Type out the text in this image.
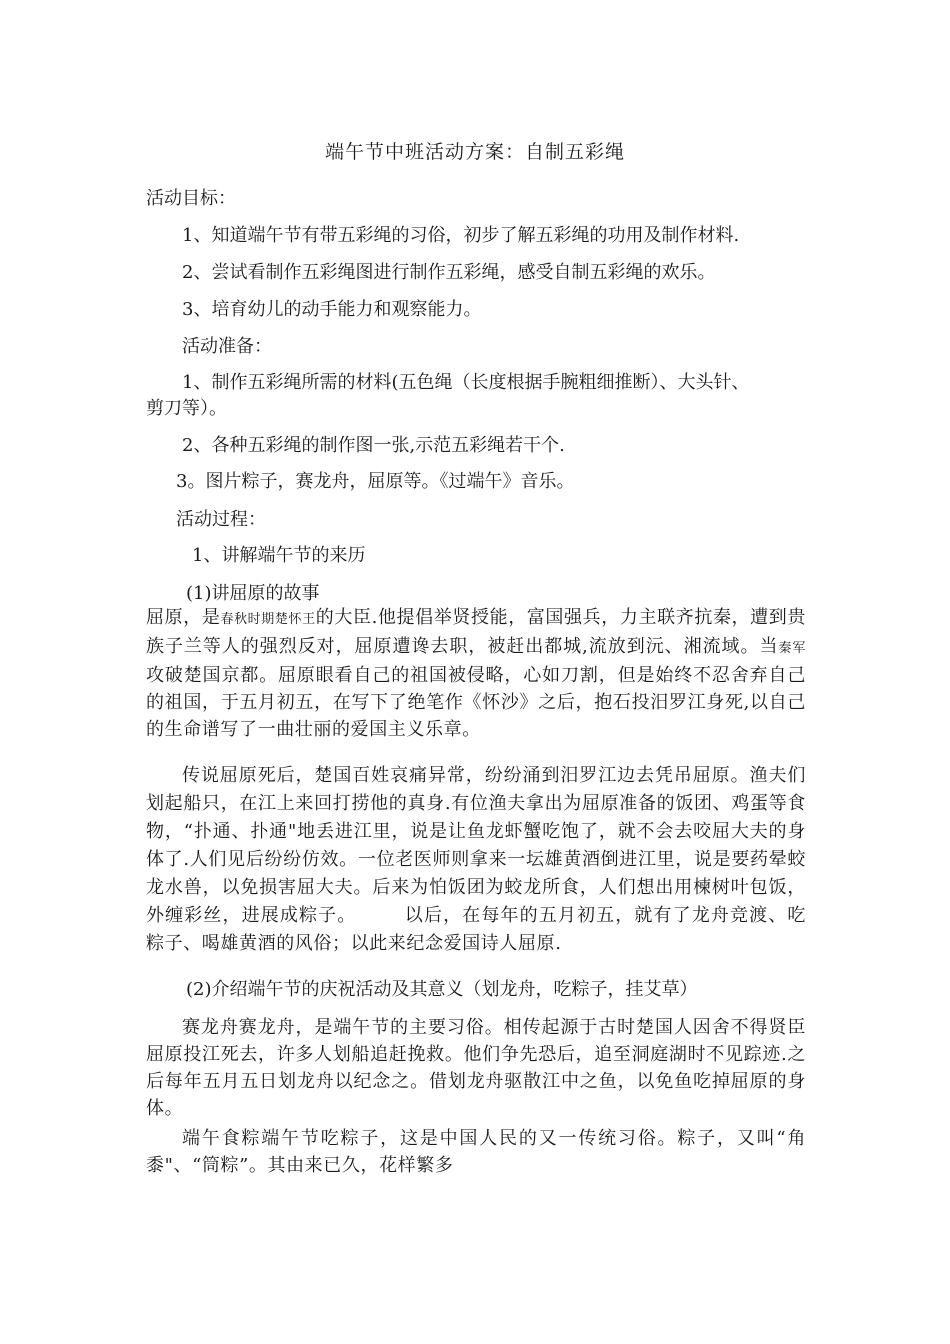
端午节中班活动方案：自制五彩绳
活动目标：
1、知道端午节有带五彩绳的习俗，初步了解五彩绳的功用及制作材料.
2、尝试看制作五彩绳图进行制作五彩绳，感受自制五彩绳的欢乐。
3、培育幼儿的动手能力和观察能力。
活动准备：
1、制作五彩绳所需的材料(五色绳（长度根据手腕粗细推断）、大头针、
剪刀等）。
2、各种五彩绳的制作图一张,示范五彩绳若干个.
3。图片粽子，赛龙舟，屈原等。《过端午》音乐。
活动过程：
1、讲解端午节的来历
(1)讲屈原的故事
屈原，是春秋时期楚怀王的大臣.他提倡举贤授能，富国强兵，力主联齐抗秦，遭到贵族子兰等人的强烈反对，屈原遭谗去职，被赶出都城,流放到沅、湘流域。当秦军攻破楚国京都。屈原眼看自己的祖国被侵略，心如刀割，但是始终不忍舍弃自己的祖国，于五月初五，在写下了绝笔作《怀沙》之后，抱石投汨罗江身死,以自己的生命谱写了一曲壮丽的爱国主义乐章。
传说屈原死后，楚国百姓哀痛异常，纷纷涌到汨罗江边去凭吊屈原。渔夫们划起船只，在江上来回打捞他的真身.有位渔夫拿出为屈原准备的饭团、鸡蛋等食物，“扑通、扑通"地丢进江里，说是让鱼龙虾蟹吃饱了，就不会去咬屈大夫的身体了.人们见后纷纷仿效。一位老医师则拿来一坛雄黄酒倒进江里，说是要药晕蛟龙水兽，以免损害屈大夫。后来为怕饭团为蛟龙所食，人们想出用楝树叶包饭，外缠彩丝，进展成粽子。　　　以后，在每年的五月初五，就有了龙舟竞渡、吃粽子、喝雄黄酒的风俗；以此来纪念爱国诗人屈原.
(2)介绍端午节的庆祝活动及其意义（划龙舟，吃粽子，挂艾草）
赛龙舟赛龙舟，是端午节的主要习俗。相传起源于古时楚国人因舍不得贤臣屈原投江死去，许多人划船追赶挽救。他们争先恐后，追至洞庭湖时不见踪迹.之后每年五月五日划龙舟以纪念之。借划龙舟驱散江中之鱼，以免鱼吃掉屈原的身体。
端午食粽端午节吃粽子，这是中国人民的又一传统习俗。粽子，又叫“角黍"、“筒粽”。其由来已久，花样繁多
